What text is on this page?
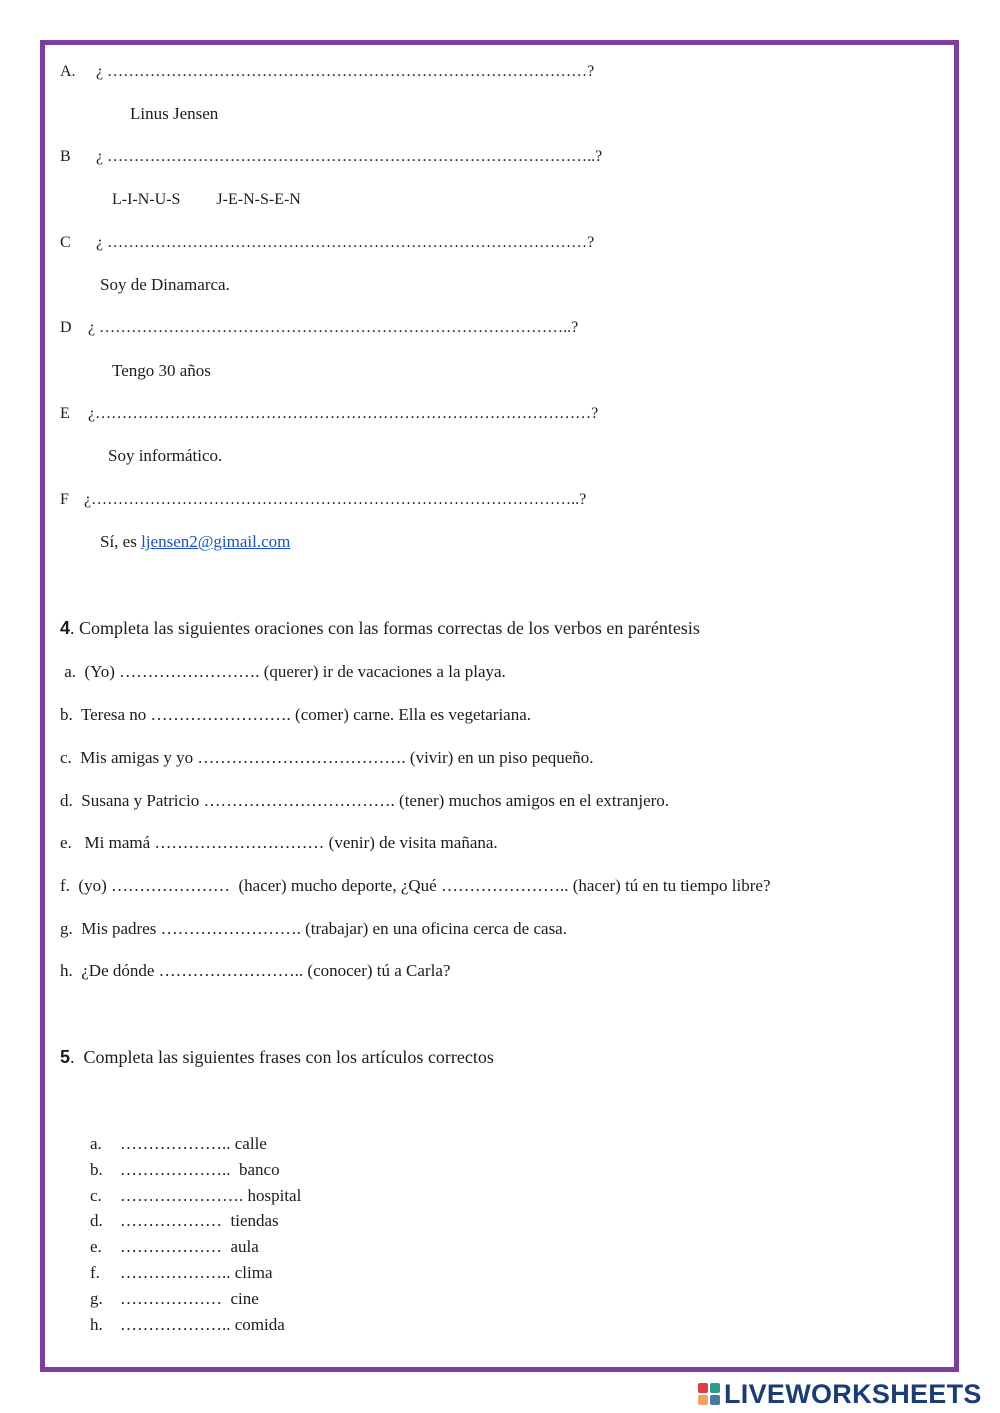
A. ¿ ………………………………………………………………………………?
Linus Jensen
B ¿ ………………………………………………………………………………..?
L-I-N-U-S         J-E-N-S-E-N
C ¿ ………………………………………………………………………………?
Soy de Dinamarca.
D ¿ ……………………………………………………………………………..?
Tengo 30 años
E ¿…………………………………………………………………………………?
Soy informático.
F ¿………………………………………………………………………………..?
Sí, es ljensen2@gimail.com
4. Completa las siguientes oraciones con las formas correctas de los verbos en paréntesis
a.  (Yo) ……………………. (querer) ir de vacaciones a la playa.
b.  Teresa no ……………………. (comer) carne. Ella es vegetariana.
c.  Mis amigas y yo ………………………………. (vivir) en un piso pequeño.
d.  Susana y Patricio ……………………………. (tener) muchos amigos en el extranjero.
e.   Mi mamá ………………………… (venir) de visita mañana.
f.  (yo) …………………  (hacer) mucho deporte, ¿Qué ………………….. (hacer) tú en tu tiempo libre?
g.  Mis padres ……………………. (trabajar) en una oficina cerca de casa.
h.  ¿De dónde …………………….. (conocer) tú a Carla?
5.  Completa las siguientes frases con los artículos correctos
a. ……………….. calle
b. ………………..  banco
c. …………………. hospital
d. ………………  tiendas
e. ………………  aula
f. ……………….. clima
g. ………………  cine
h. ……………….. comida
LIVEWORKSHEETS
